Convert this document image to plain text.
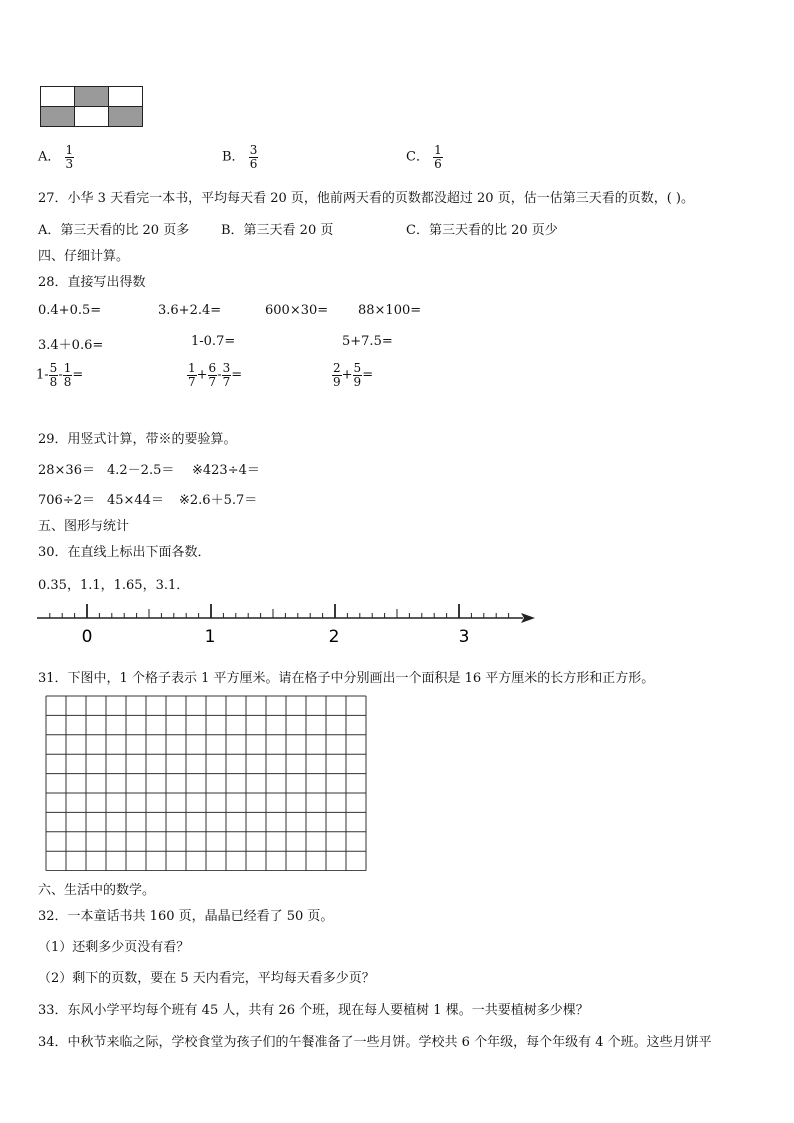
A． $\frac{1}{3}$	B． $\frac{3}{6}$	C． $\frac{1}{6}$
27．小华 3 天看完一本书，平均每天看 20 页，他前两天看的页数都没超过 20 页，估一估第三天看的页数，( )。
A．第三天看的比 20 页多 B．第三天看 20 页	C．第三天看的比 20 页少
四、仔细计算。
28．直接写出得数
0.4+0.5=	3.6+2.4=	600×30= 88×100=
3.4＋0.6=	1-0.7=	5+7.5=
$1- \frac{5}{8} - \frac{1}{8}$ =	$\frac{1}{7} + \frac{6}{7} - \frac{3}{7}$ =	$\frac{2}{9} + \frac{5}{9}$ =
29．用竖式计算，带※的要验算。
28×36＝ 4.2－2.5＝ ※423÷4＝
706÷2＝ 45×44＝ ※2.6＋5.7＝
五、图形与统计
30．在直线上标出下面各数．
0.35，1.1，1.65，3.1．
0	1	2	3
31．下图中，1 个格子表示 1 平方厘米。请在格子中分别画出一个面积是 16 平方厘米的长方形和正方形。
六、生活中的数学。
32．一本童话书共 160 页，晶晶已经看了 50 页。
（1）还剩多少页没有看？
（2）剩下的页数，要在 5 天内看完，平均每天看多少页？
33．东风小学平均每个班有 45 人，共有 26 个班，现在每人要植树 1 棵。一共要植树多少棵？
34．中秋节来临之际，学校食堂为孩子们的午餐准备了一些月饼。学校共 6 个年级，每个年级有 4 个班。这些月饼平
